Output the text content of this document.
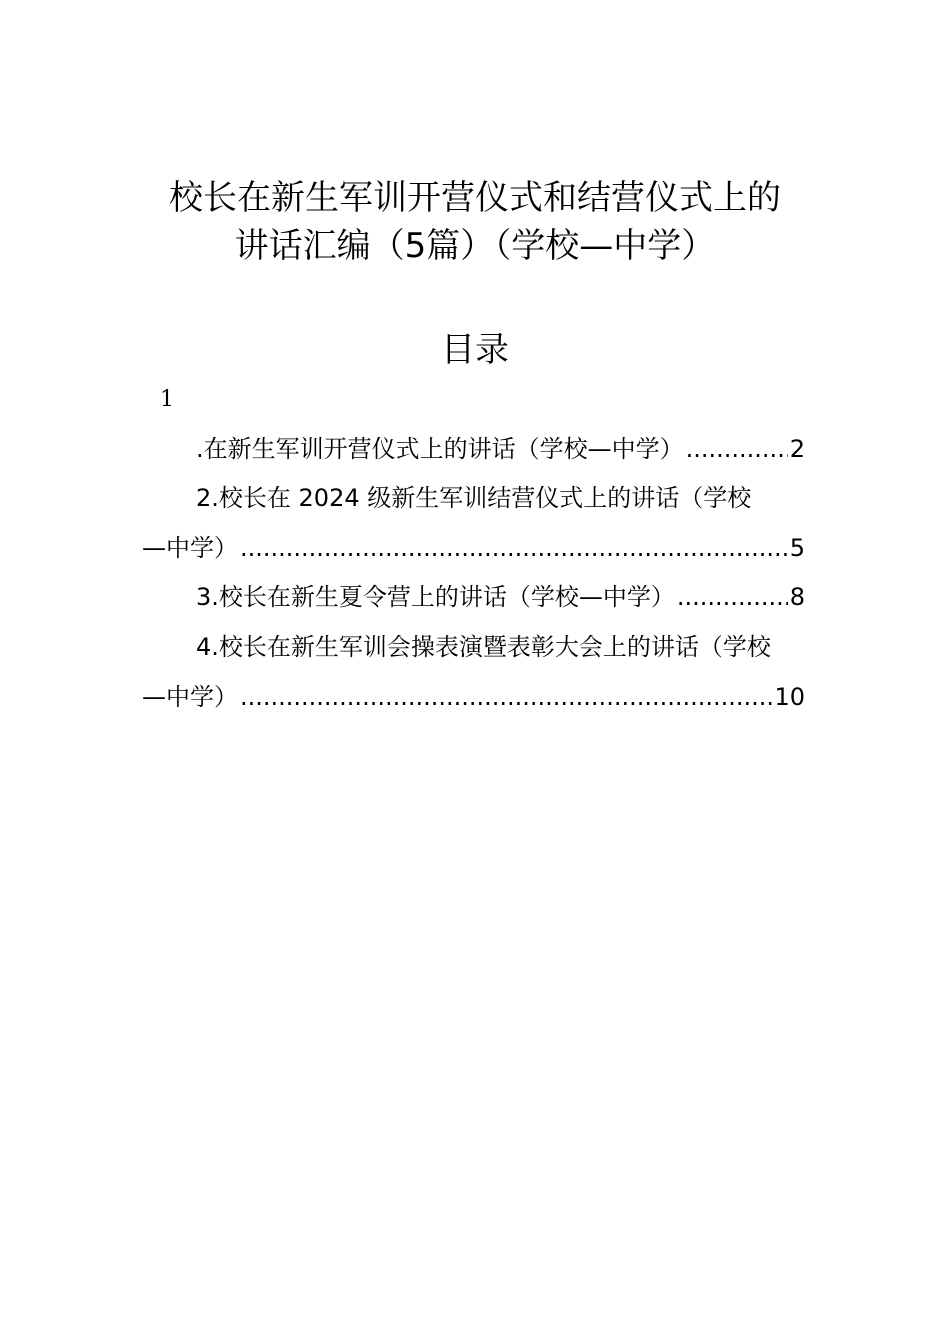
校长在新生军训开营仪式和结营仪式上的
讲话汇编（5篇）（学校—中学）
目录
1
.在新生军训开营仪式上的讲话（学校—中学） .....	2
2.校长在 2024 级新生军训结营仪式上的讲话（学校
—中学） .....	5
3.校长在新生夏令营上的讲话（学校—中学） .....	8
4.校长在新生军训会操表演暨表彰大会上的讲话（学校
—中学） .....	10
